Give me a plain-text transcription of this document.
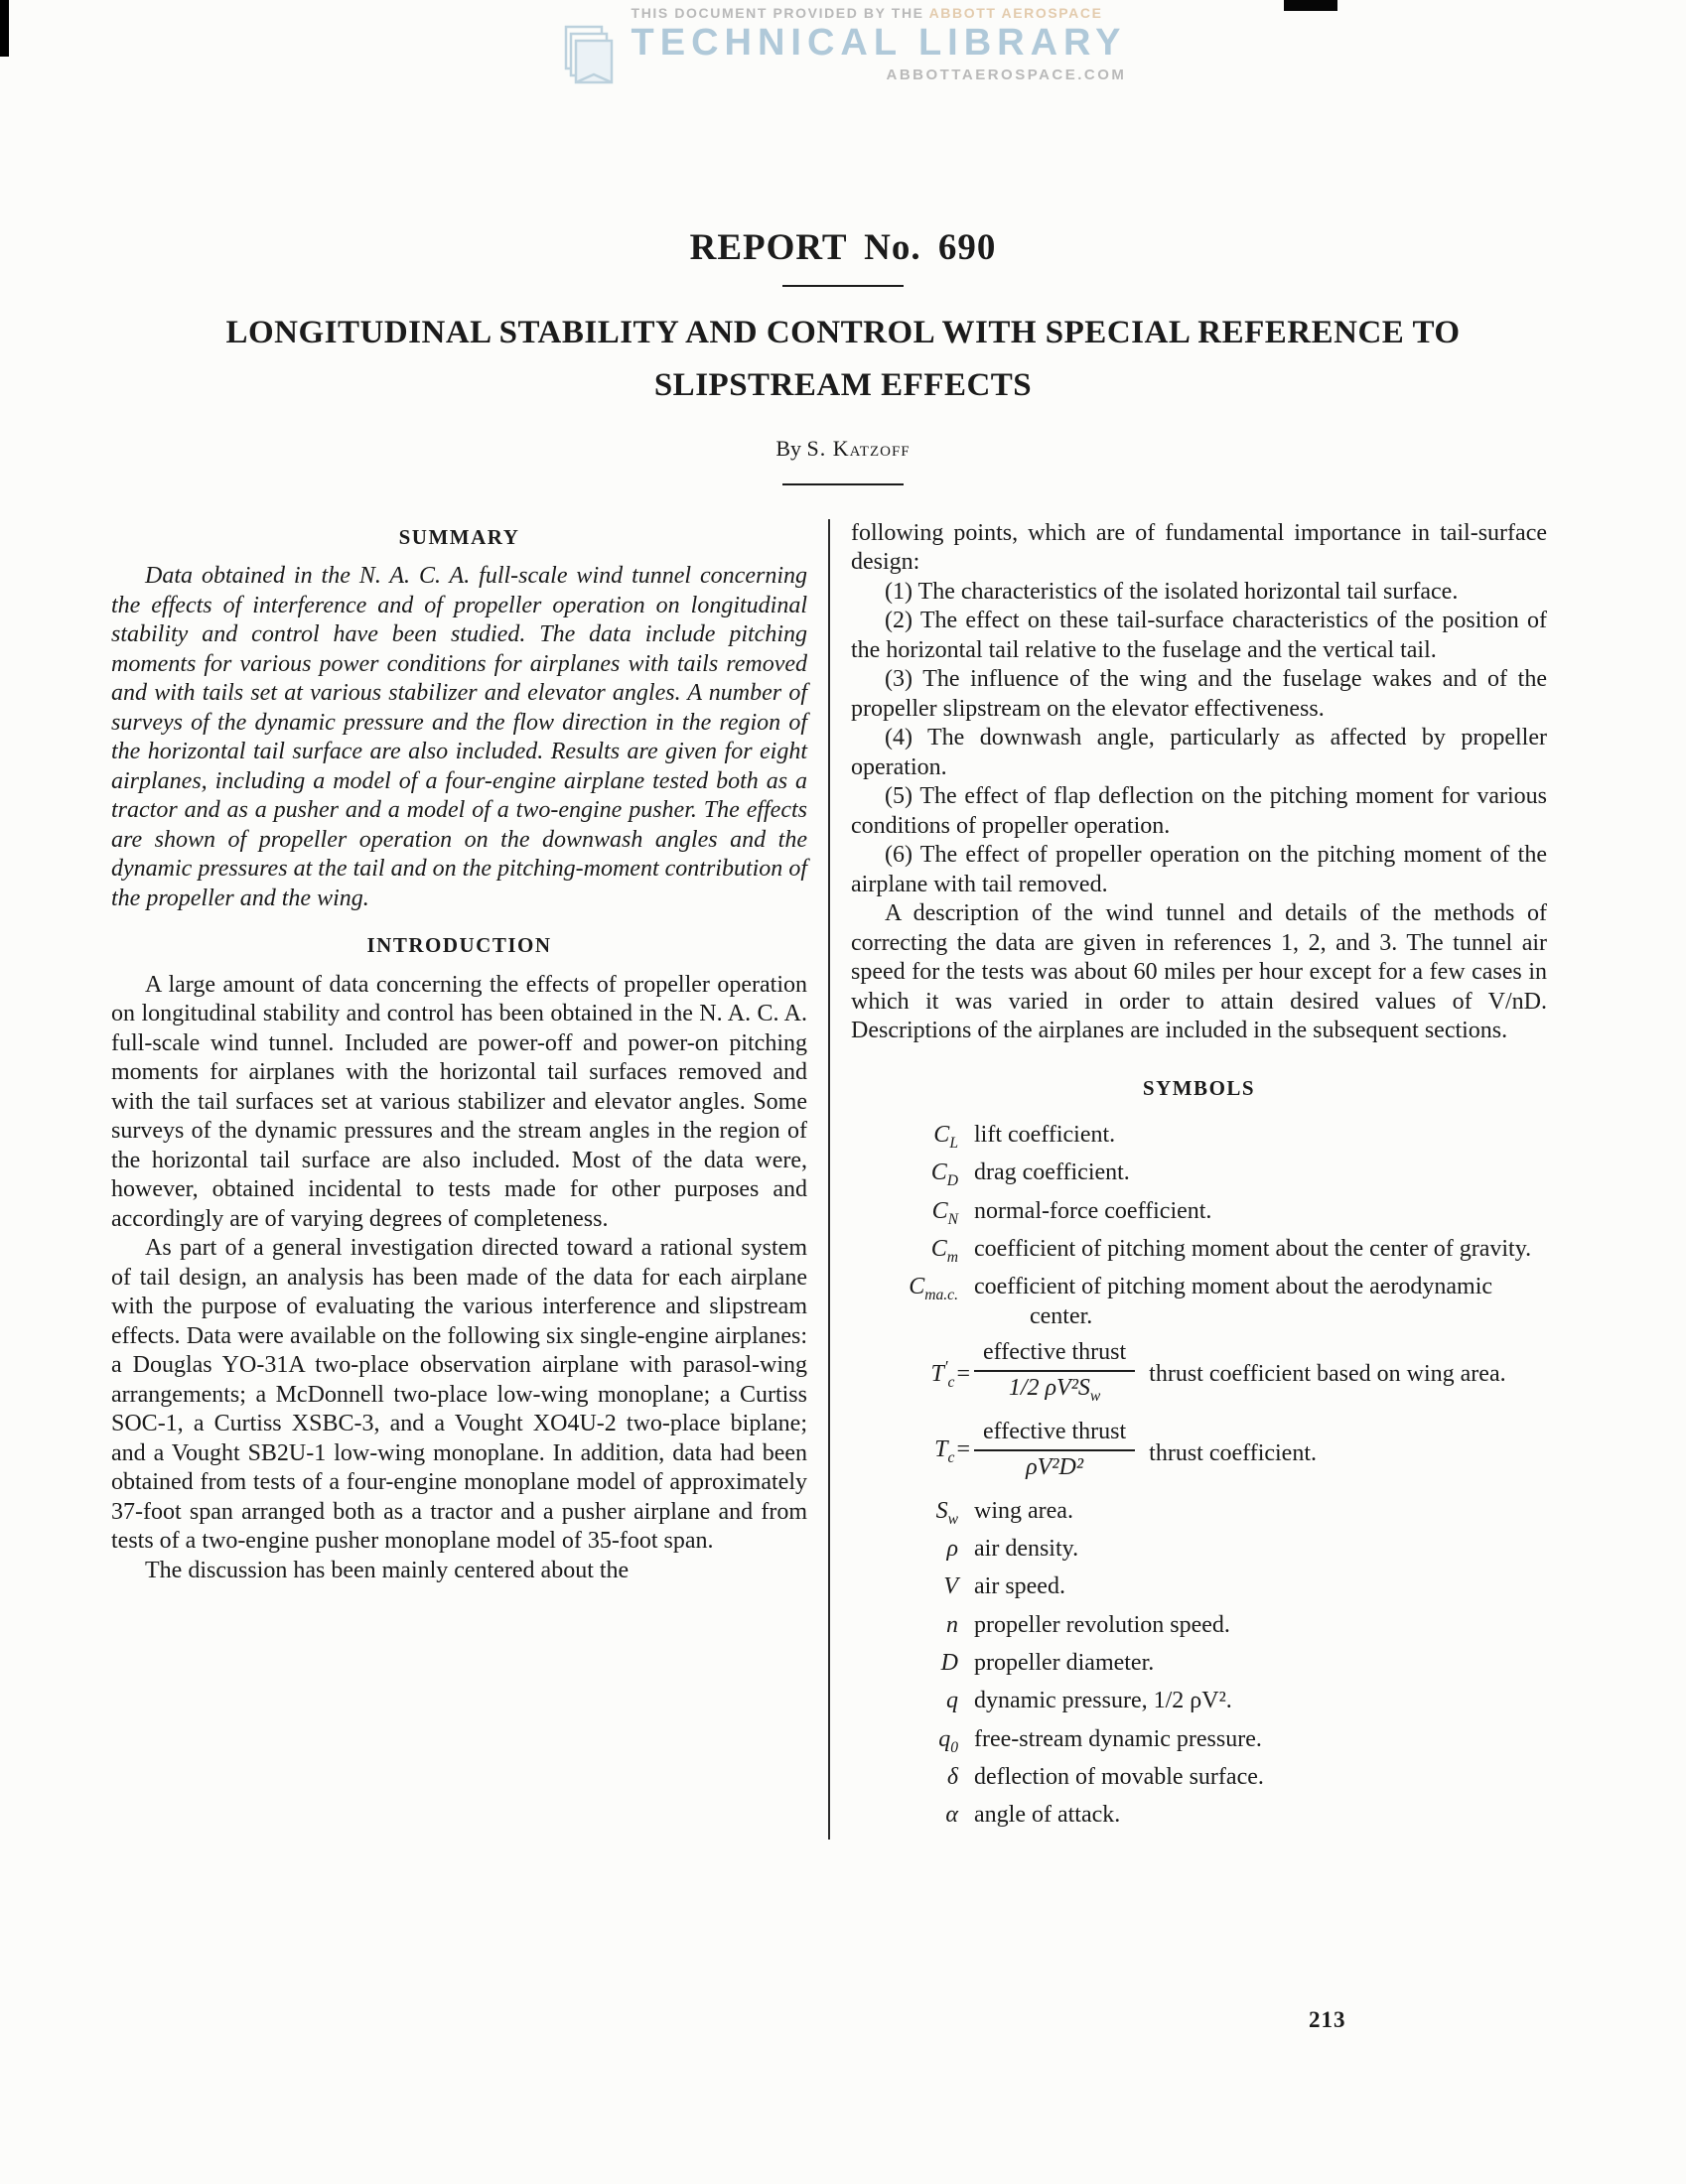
THIS DOCUMENT PROVIDED BY THE ABBOTT AEROSPACE
TECHNICAL LIBRARY
ABBOTTAEROSPACE.COM
REPORT No. 690
LONGITUDINAL STABILITY AND CONTROL WITH SPECIAL REFERENCE TO
SLIPSTREAM EFFECTS
By S. Katzoff
SUMMARY

Data obtained in the N. A. C. A. full-scale wind tunnel concerning the effects of interference and of propeller operation on longitudinal stability and control have been studied. The data include pitching moments for various power conditions for airplanes with tails removed and with tails set at various stabilizer and elevator angles. A number of surveys of the dynamic pressure and the flow direction in the region of the horizontal tail surface are also included. Results are given for eight airplanes, including a model of a four-engine airplane tested both as a tractor and as a pusher and a model of a two-engine pusher. The effects are shown of propeller operation on the downwash angles and the dynamic pressures at the tail and on the pitching-moment contribution of the propeller and the wing.

INTRODUCTION

A large amount of data concerning the effects of propeller operation on longitudinal stability and control has been obtained in the N. A. C. A. full-scale wind tunnel. Included are power-off and power-on pitching moments for airplanes with the horizontal tail surfaces removed and with the tail surfaces set at various stabilizer and elevator angles. Some surveys of the dynamic pressures and the stream angles in the region of the horizontal tail surface are also included. Most of the data were, however, obtained incidental to tests made for other purposes and accordingly are of varying degrees of completeness.

As part of a general investigation directed toward a rational system of tail design, an analysis has been made of the data for each airplane with the purpose of evaluating the various interference and slipstream effects. Data were available on the following six single-engine airplanes: a Douglas YO-31A two-place observation airplane with parasol-wing arrangements; a McDonnell two-place low-wing monoplane; a Curtiss SOC-1, a Curtiss XSBC-3, and a Vought XO4U-2 two-place biplane; and a Vought SB2U-1 low-wing monoplane. In addition, data had been obtained from tests of a four-engine monoplane model of approximately 37-foot span arranged both as a tractor and a pusher airplane and from tests of a two-engine pusher monoplane model of 35-foot span.

The discussion has been mainly centered about the

following points, which are of fundamental importance in tail-surface design:

(1) The characteristics of the isolated horizontal tail surface.

(2) The effect on these tail-surface characteristics of the position of the horizontal tail relative to the fuselage and the vertical tail.

(3) The influence of the wing and the fuselage wakes and of the propeller slipstream on the elevator effectiveness.

(4) The downwash angle, particularly as affected by propeller operation.

(5) The effect of flap deflection on the pitching moment for various conditions of propeller operation.

(6) The effect of propeller operation on the pitching moment of the airplane with tail removed.

A description of the wind tunnel and details of the methods of correcting the data are given in references 1, 2, and 3. The tunnel air speed for the tests was about 60 miles per hour except for a few cases in which it was varied in order to attain desired values of V/nD. Descriptions of the airplanes are included in the subsequent sections.

SYMBOLS
$C_L$ lift coefficient.
$C_D$ drag coefficient.
$C_N$ normal-force coefficient.
$C_m$ coefficient of pitching moment about the center of gravity.
$C_{ma.c.}$ coefficient of pitching moment about the aerodynamic center.
$T'_c= \frac{\text{effective thrust}}{1/2 \rho V^2S_w}$ thrust coefficient based on wing area.
$T_c= \frac{\text{effective thrust}}{\text{ρV²D²}}$ thrust coefficient.
$S_w$ wing area.
ρ air density.
V air speed.
n propeller revolution speed.
D propeller diameter.
q dynamic pressure, 1/2 ρV².
$q_0$ free-stream dynamic pressure.
δ deflection of movable surface.
α angle of attack.
213
